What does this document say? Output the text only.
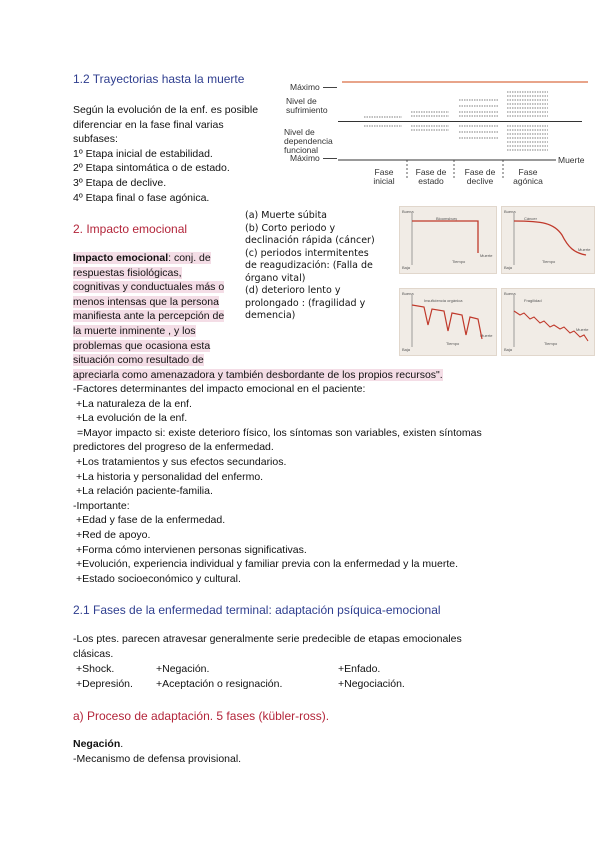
1.2 Trayectorias hasta la muerte
Según la evolución de la enf. es posible
diferenciar en la fase final varias
subfases:
1º Etapa inicial de estabilidad.
2º Etapa sintomática o de estado.
3º Etapa de declive.
4º Etapa final o fase agónica.
Máximo
Nivel de
sufrimiento
Nivel de
dependencia
funcional
Máximo	Muerte
Fase
inicial
Fase de
estado
Fase de
declive
Fase
agónica
2. Impacto emocional
(a) Muerte súbita
(b) Corto periodo y
declinación rápida (cáncer)
(c) periodos intermitentes
de reagudización: (Falla de
órgano vital)
(d) deterioro lento y
prolongado : (fragilidad y
demencia)
Buena
Baja
Bloomsbury
Tiempo
Muerte
Buena
Baja
Cáncer
Tiempo
Muerte
Buena
Baja
Insuficiencia orgánica
Tiempo
Muerte
Buena
Baja
Fragilidad
Tiempo
Muerte
Impacto emocional: conj. de
respuestas fisiológicas,
cognitivas y conductuales más o
menos intensas que la persona
manifiesta ante la percepción de
la muerte inminente , y los
problemas que ocasiona esta
situación como resultado de
apreciarla como amenazadora y también desbordante de los propios recursos".
-Factores determinantes del impacto emocional en el paciente:
+La naturaleza de la enf.
+La evolución de la enf.
=Mayor impacto si: existe deterioro físico, los síntomas son variables, existen síntomas
predictores del progreso de la enfermedad.
+Los tratamientos y sus efectos secundarios.
+La historia y personalidad del enfermo.
+La relación paciente-familia.
-Importante:
+Edad y fase de la enfermedad.
+Red de apoyo.
+Forma cómo intervienen personas significativas.
+Evolución, experiencia individual y familiar previa con la enfermedad y la muerte.
+Estado socioeconómico y cultural.
2.1 Fases de la enfermedad terminal: adaptación psíquica-emocional
-Los ptes. parecen atravesar generalmente serie predecible de etapas emocionales
clásicas.
+Shock.	+Negación.	+Enfado.
+Depresión. +Aceptación o resignación.	+Negociación.
a) Proceso de adaptación. 5 fases (kübler-ross).
Negación.
-Mecanismo de defensa provisional.
